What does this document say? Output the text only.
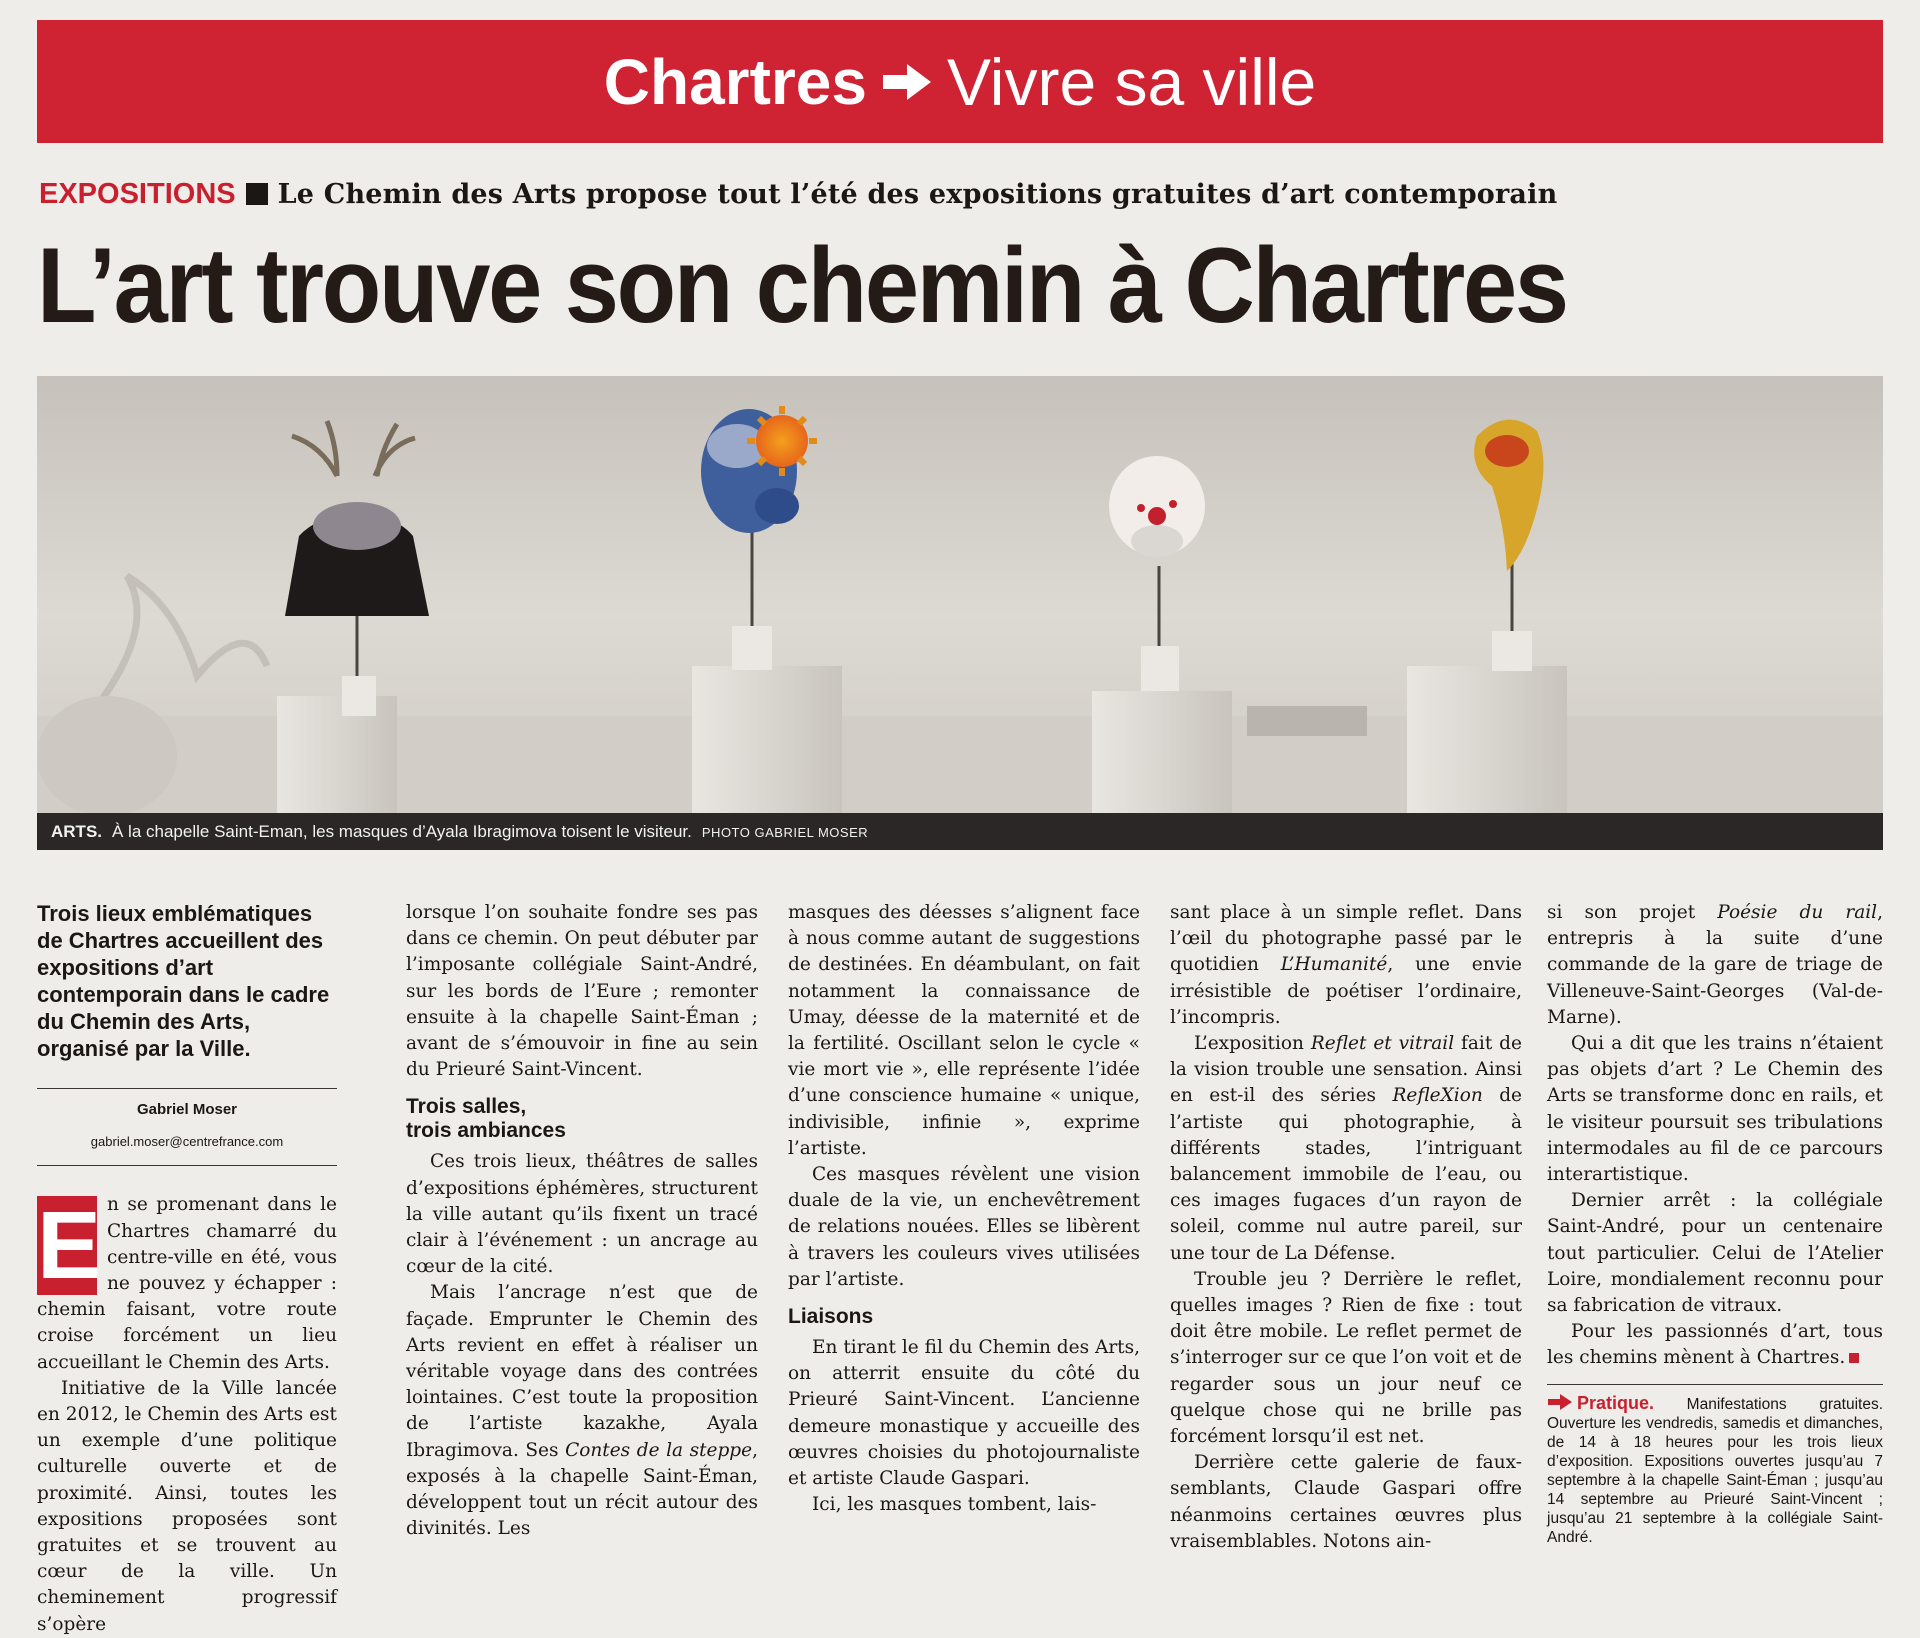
Chartres Vivre sa ville
EXPOSITIONS Le Chemin des Arts propose tout l’été des expositions gratuites d’art contemporain
L’art trouve son chemin à Chartres
ARTS. À la chapelle Saint-Eman, les masques d’Ayala Ibragimova toisent le visiteur. PHOTO GABRIEL MOSER
Trois lieux emblématiques de Chartres accueillent des expositions d’art contemporain dans le cadre du Chemin des Arts, organisé par la Ville.
Gabriel Moser
gabriel.moser@centrefrance.com
E n se promenant dans le Chartres chamarré du centre-ville en été, vous ne pouvez y échapper : chemin faisant, votre route croise forcément un lieu accueillant le Chemin des Arts.

Initiative de la Ville lancée en 2012, le Chemin des Arts est un exemple d’une politique culturelle ouverte et de proximité. Ainsi, toutes les expositions proposées sont gratuites et se trouvent au cœur de la ville. Un cheminement progressif s’opère

lorsque l’on souhaite fondre ses pas dans ce chemin. On peut débuter par l’imposante collégiale Saint-André, sur les bords de l’Eure ; remonter ensuite à la chapelle Saint-Éman ; avant de s’émouvoir in fine au sein du Prieuré Saint-Vincent.

Trois salles,
trois ambiances

Ces trois lieux, théâtres de salles d’expositions éphémères, structurent la ville autant qu’ils fixent un tracé clair à l’événement : un ancrage au cœur de la cité.

Mais l’ancrage n’est que de façade. Emprunter le Chemin des Arts revient en effet à réaliser un véritable voyage dans des contrées lointaines. C’est toute la proposition de l’artiste kazakhe, Ayala Ibragimova. Ses Contes de la steppe, exposés à la chapelle Saint-Éman, développent tout un récit autour des divinités. Les

masques des déesses s’alignent face à nous comme autant de suggestions de destinées. En déambulant, on fait notamment la connaissance de Umay, déesse de la maternité et de la fertilité. Oscillant selon le cycle « vie mort vie », elle représente l’idée d’une conscience humaine « unique, indivisible, infinie », exprime l’artiste.

Ces masques révèlent une vision duale de la vie, un enchevêtrement de relations nouées. Elles se libèrent à travers les couleurs vives utilisées par l’artiste.

Liaisons

En tirant le fil du Chemin des Arts, on atterrit ensuite du côté du Prieuré Saint-Vincent. L’ancienne demeure monastique y accueille des œuvres choisies du photojournaliste et artiste Claude Gaspari.

Ici, les masques tombent, lais-

sant place à un simple reflet. Dans l’œil du photographe passé par le quotidien L’Humanité, une envie irrésistible de poétiser l’ordinaire, l’incompris.

L’exposition Reflet et vitrail fait de la vision trouble une sensation. Ainsi en est-il des séries RefleXion de l’artiste qui photographie, à différents stades, l’intriguant balancement immobile de l’eau, ou ces images fugaces d’un rayon de soleil, comme nul autre pareil, sur une tour de La Défense.

Trouble jeu ? Derrière le reflet, quelles images ? Rien de fixe : tout doit être mobile. Le reflet permet de s’interroger sur ce que l’on voit et de regarder sous un jour neuf ce quelque chose qui ne brille pas forcément lorsqu’il est net.

Derrière cette galerie de faux-semblants, Claude Gaspari offre néanmoins certaines œuvres plus vraisemblables. Notons ain-

si son projet Poésie du rail, entrepris à la suite d’une commande de la gare de triage de Villeneuve-Saint-Georges (Val-de-Marne).

Qui a dit que les trains n’étaient pas objets d’art ? Le Chemin des Arts se transforme donc en rails, et le visiteur poursuit ses tribulations intermodales au fil de ce parcours interartistique.

Dernier arrêt : la collégiale Saint-André, pour un centenaire tout particulier. Celui de l’Atelier Loire, mondialement reconnu pour sa fabrication de vitraux.

Pour les passionnés d’art, tous les chemins mènent à Chartres.

Pratique. Manifestations gratuites. Ouverture les vendredis, samedis et dimanches, de 14 à 18 heures pour les trois lieux d’exposition. Expositions ouvertes jusqu’au 7 septembre à la chapelle Saint-Éman ; jusqu’au 14 septembre au Prieuré Saint-Vincent ; jusqu’au 21 septembre à la collégiale Saint-André.
